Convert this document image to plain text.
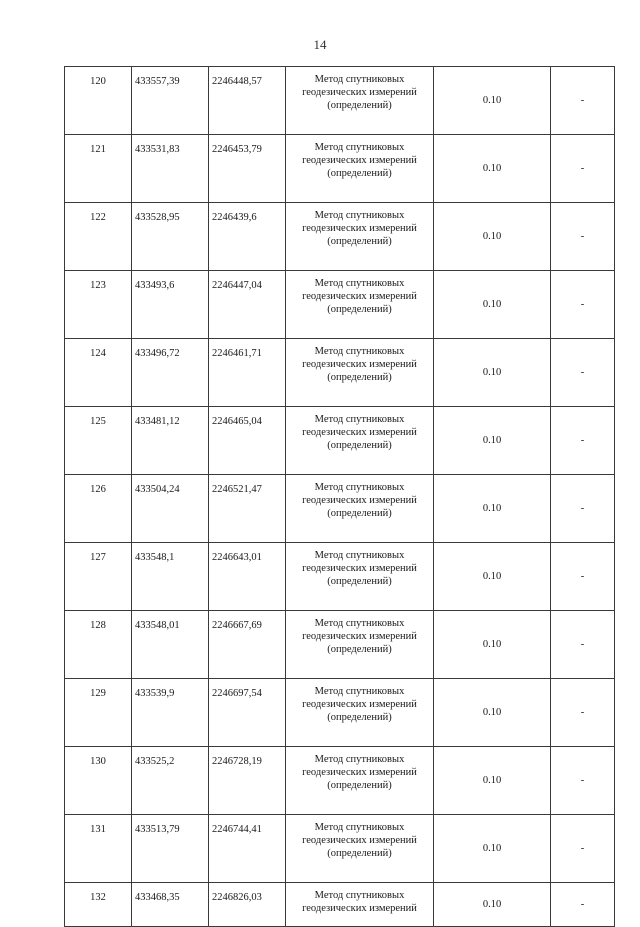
14
120	433557,39	2246448,57	Метод спутниковых
геодезических измерений
(определений)	0.10	-
121	433531,83	2246453,79	Метод спутниковых
геодезических измерений
(определений)	0.10	-
122	433528,95	2246439,6	Метод спутниковых
геодезических измерений
(определений)	0.10	-
123	433493,6	2246447,04	Метод спутниковых
геодезических измерений
(определений)	0.10	-
124	433496,72	2246461,71	Метод спутниковых
геодезических измерений
(определений)	0.10	-
125	433481,12	2246465,04	Метод спутниковых
геодезических измерений
(определений)	0.10	-
126	433504,24	2246521,47	Метод спутниковых
геодезических измерений
(определений)	0.10	-
127	433548,1	2246643,01	Метод спутниковых
геодезических измерений
(определений)	0.10	-
128	433548,01	2246667,69	Метод спутниковых
геодезических измерений
(определений)	0.10	-
129	433539,9	2246697,54	Метод спутниковых
геодезических измерений
(определений)	0.10	-
130	433525,2	2246728,19	Метод спутниковых
геодезических измерений
(определений)	0.10	-
131	433513,79	2246744,41	Метод спутниковых
геодезических измерений
(определений)	0.10	-
132	433468,35	2246826,03	Метод спутниковых
геодезических измерений	0.10	-
